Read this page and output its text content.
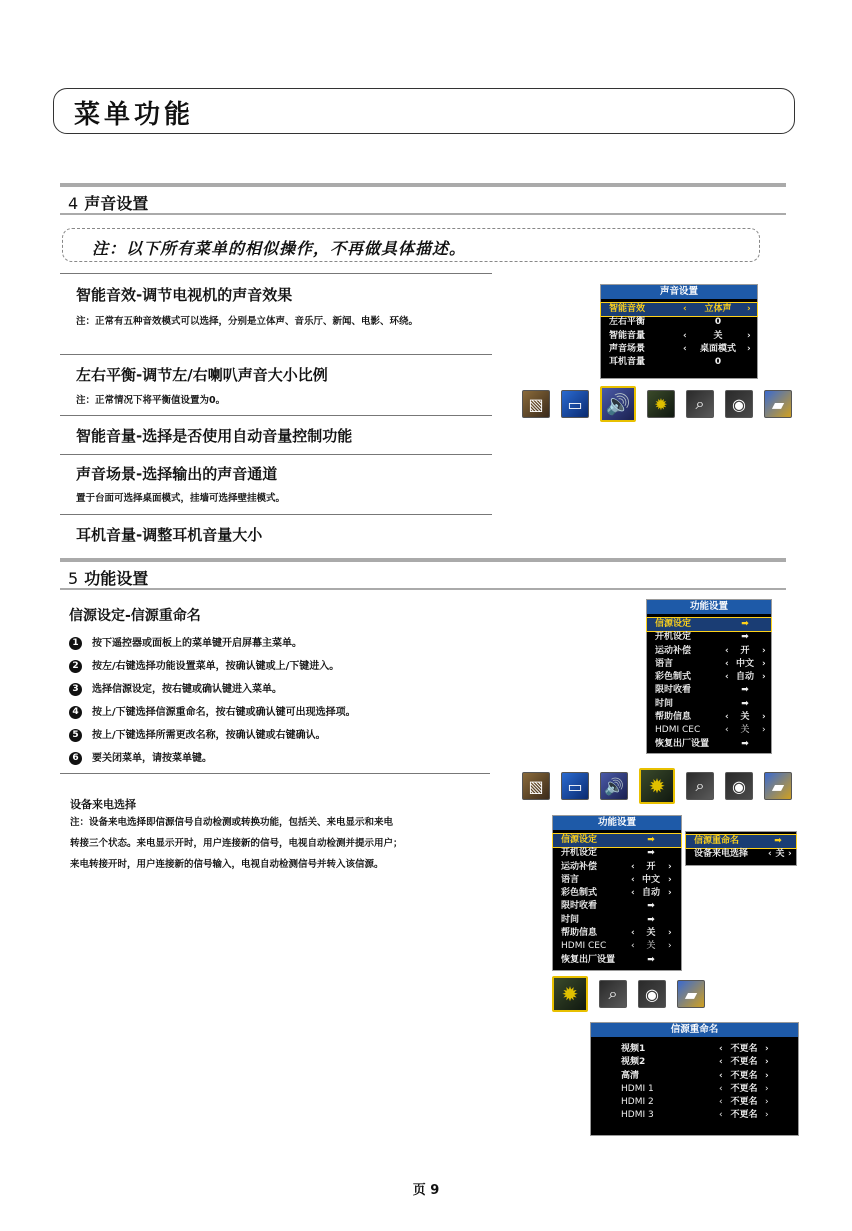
菜单功能
4 声音设置
注：以下所有菜单的相似操作，不再做具体描述。
智能音效-调节电视机的声音效果
注：正常有五种音效模式可以选择，分别是立体声、音乐厅、新闻、电影、环绕。
左右平衡-调节左/右喇叭声音大小比例
注：正常情况下将平衡值设置为0。
智能音量-选择是否使用自动音量控制功能
声音场景-选择输出的声音通道
置于台面可选择桌面模式，挂墙可选择壁挂模式。
耳机音量-调整耳机音量大小
声音设置
智能音效	‹	立体声	›
左右平衡	0
智能音量	‹	关	›
声音场景	‹	桌面模式	›
耳机音量	0
▧	▭	🔊	✹	⌕	◉	▰
5 功能设置
信源设定-信源重命名
1 按下遥控器或面板上的菜单键开启屏幕主菜单。
2 按左/右键选择功能设置菜单，按确认键或上/下键进入。
3 选择信源设定，按右键或确认键进入菜单。
4 按上/下键选择信源重命名，按右键或确认键可出现选择项。
5 按上/下键选择所需更改名称，按确认键或右键确认。
6 要关闭菜单，请按菜单键。
设备来电选择
注：设备来电选择即信源信号自动检测或转换功能，包括关、来电显示和来电
转接三个状态。来电显示开时，用户连接新的信号，电视自动检测并提示用户；
来电转接开时，用户连接新的信号输入，电视自动检测信号并转入该信源。
功能设置
信源设定	➡
开机设定	➡
运动补偿	‹	开	›
语言	‹ 中文 ›
彩色制式	‹ 自动 ›
限时收看	➡
时间	➡
帮助信息	‹	关	›
HDMI CEC	‹	关	›
恢复出厂设置	➡
▧	▭	🔊	✹	⌕	◉	▰
功能设置
信源设定	➡
开机设定	➡
运动补偿	‹	开	›
语言	‹ 中文 ›
彩色制式	‹ 自动 ›
限时收看	➡
时间	➡
帮助信息	‹	关	›
HDMI CEC	‹	关	›
恢复出厂设置	➡
信源重命名	➡
设备来电选择 ‹ 关 ›
✹	⌕	◉	▰
信源重命名
视频1	‹ 不更名 ›
视频2	‹ 不更名 ›
高清	‹ 不更名 ›
HDMI 1	‹ 不更名 ›
HDMI 2	‹ 不更名 ›
HDMI 3	‹ 不更名 ›
页 9
